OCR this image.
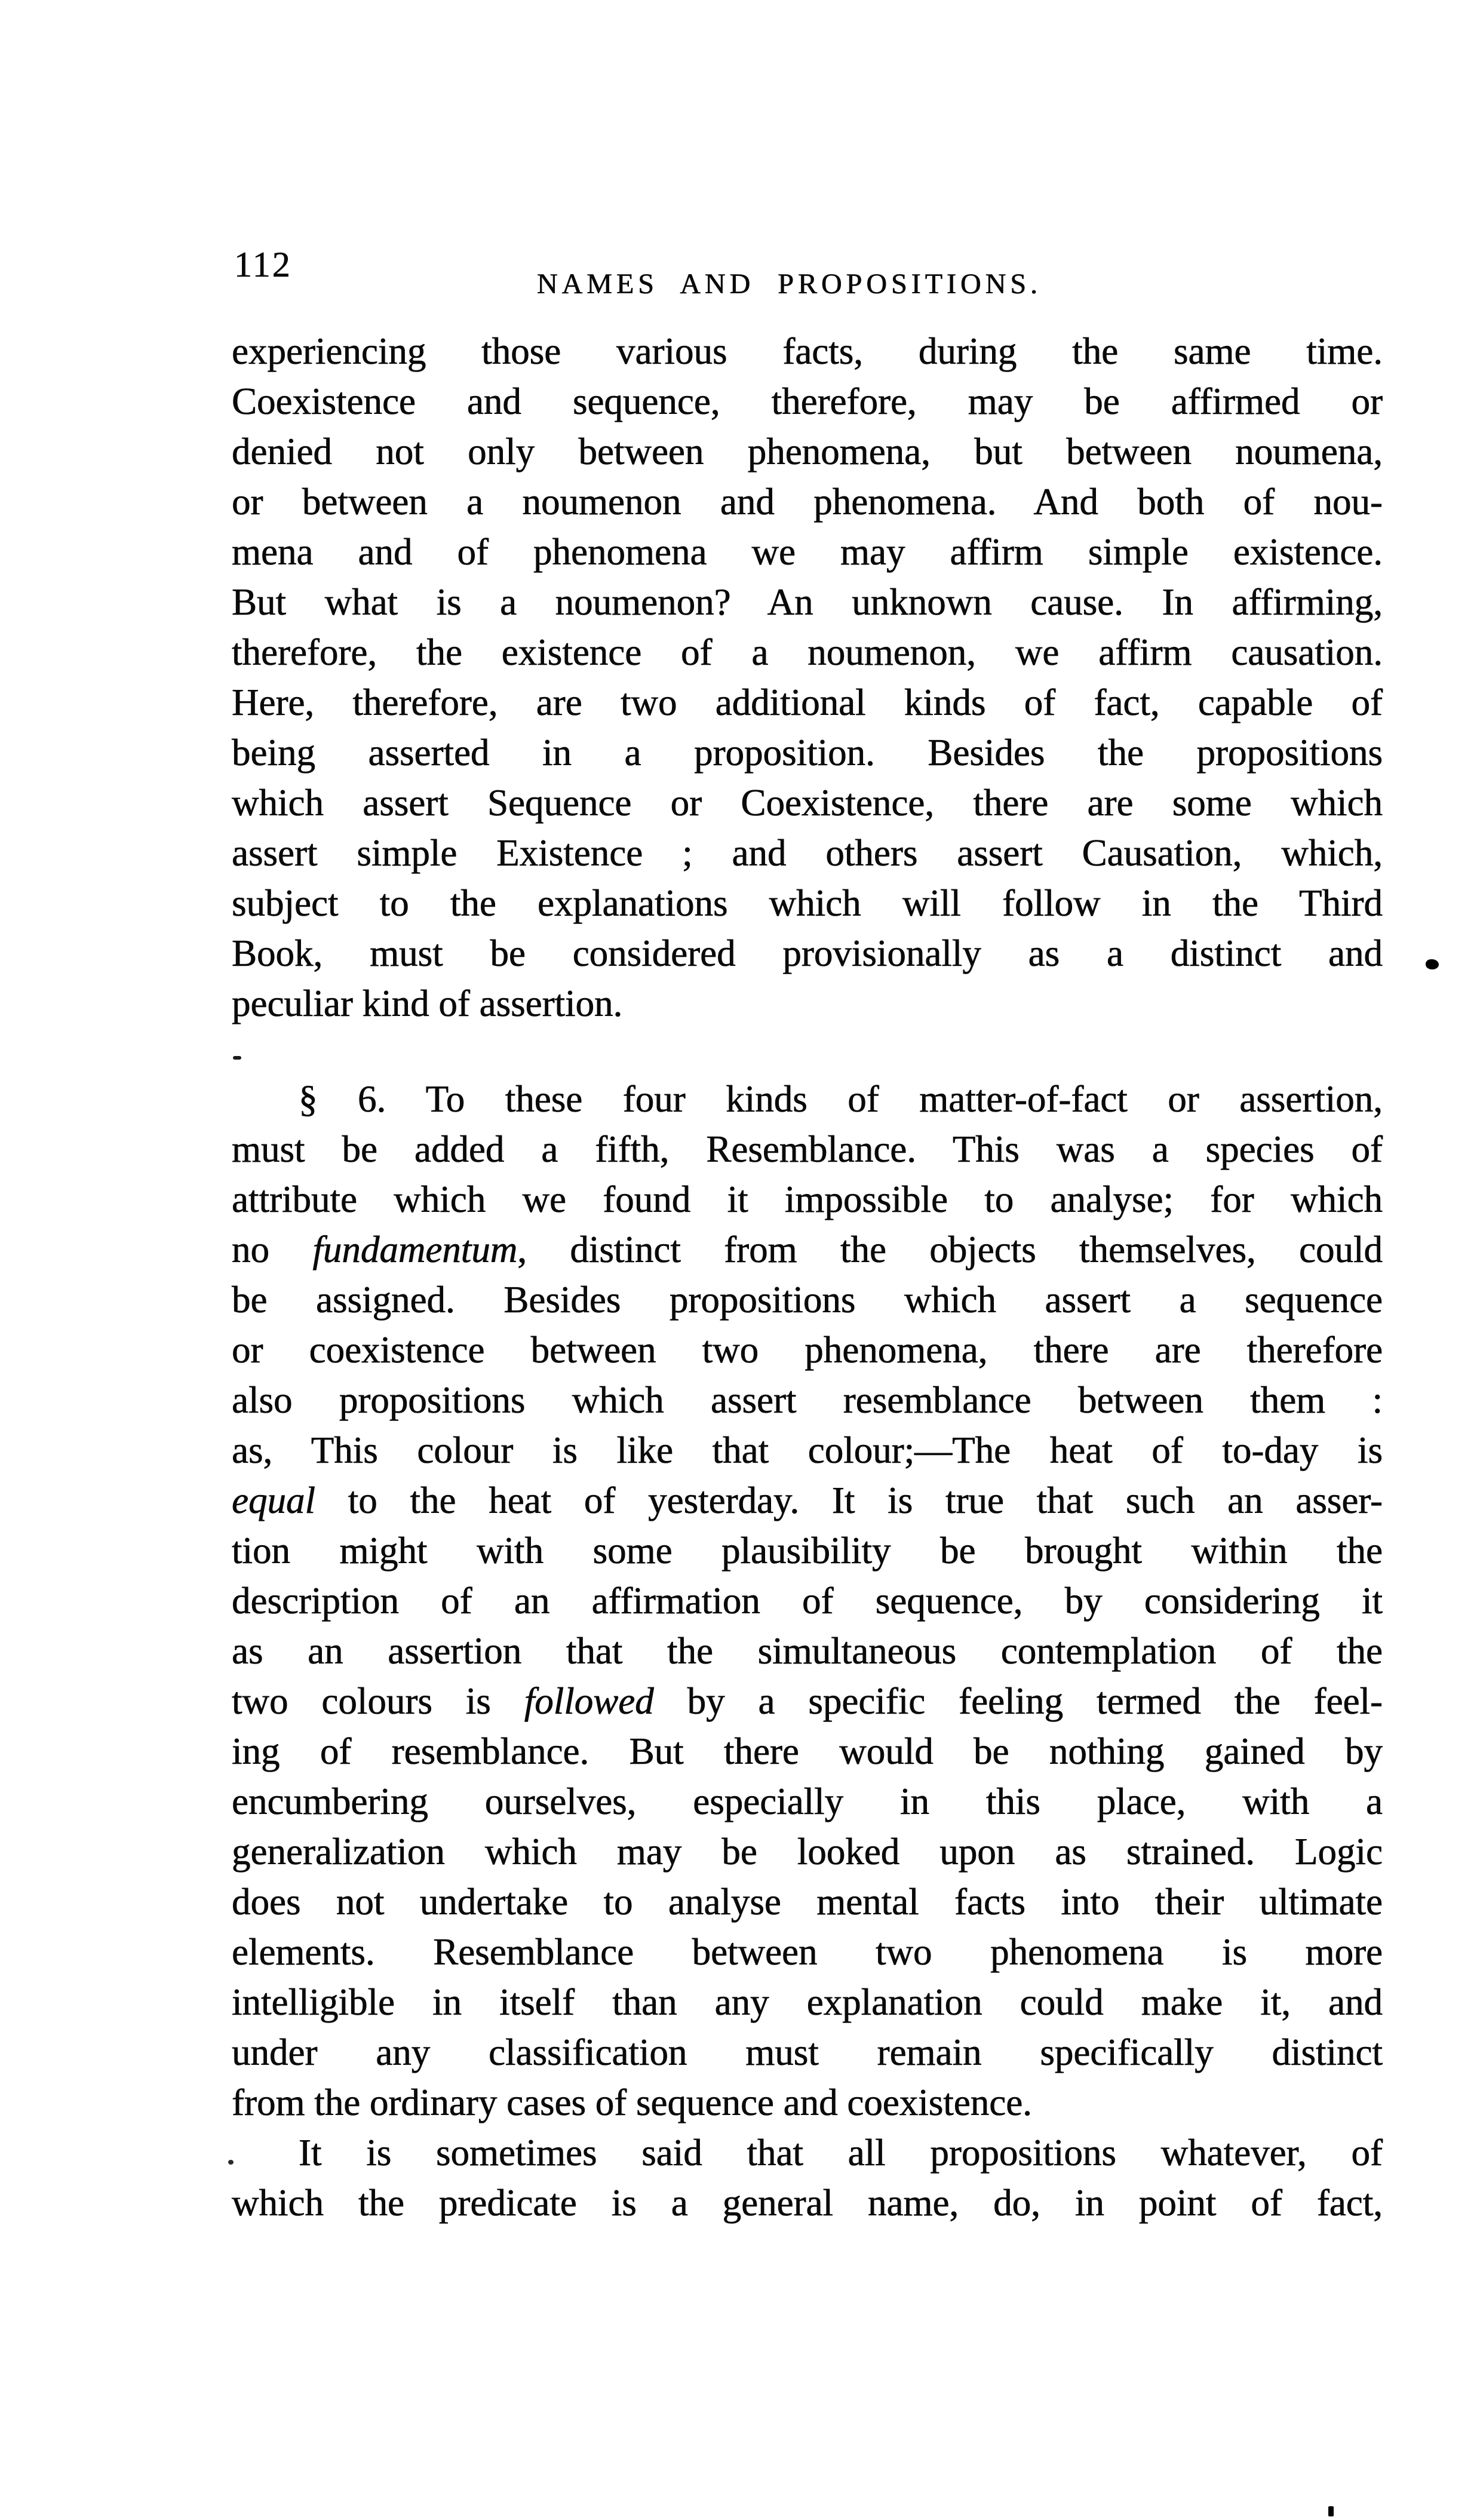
112	NAMES AND PROPOSITIONS.
experiencing those various facts, during the same time.
Coexistence and sequence, therefore, may be affirmed or
denied not only between phenomena, but between noumena,
or between a noumenon and phenomena. And both of nou-
mena and of phenomena we may affirm simple existence.
But what is a noumenon? An unknown cause. In affirming,
therefore, the existence of a noumenon, we affirm causation.
Here, therefore, are two additional kinds of fact, capable of
being asserted in a proposition. Besides the propositions
which assert Sequence or Coexistence, there are some which
assert simple Existence ; and others assert Causation, which,
subject to the explanations which will follow in the Third
Book, must be considered provisionally as a distinct and
peculiar kind of assertion.
§ 6. To these four kinds of matter-of-fact or assertion,
must be added a fifth, Resemblance. This was a species of
attribute which we found it impossible to analyse; for which
no fundamentum, distinct from the objects themselves, could
be assigned. Besides propositions which assert a sequence
or coexistence between two phenomena, there are therefore
also propositions which assert resemblance between them :
as, This colour is like that colour;—The heat of to-day is
equal to the heat of yesterday. It is true that such an asser-
tion might with some plausibility be brought within the
description of an affirmation of sequence, by considering it
as an assertion that the simultaneous contemplation of the
two colours is followed by a specific feeling termed the feel-
ing of resemblance. But there would be nothing gained by
encumbering ourselves, especially in this place, with a
generalization which may be looked upon as strained. Logic
does not undertake to analyse mental facts into their ultimate
elements. Resemblance between two phenomena is more
intelligible in itself than any explanation could make it, and
under any classification must remain specifically distinct
from the ordinary cases of sequence and coexistence.
It is sometimes said that all propositions whatever, of
which the predicate is a general name, do, in point of fact,
